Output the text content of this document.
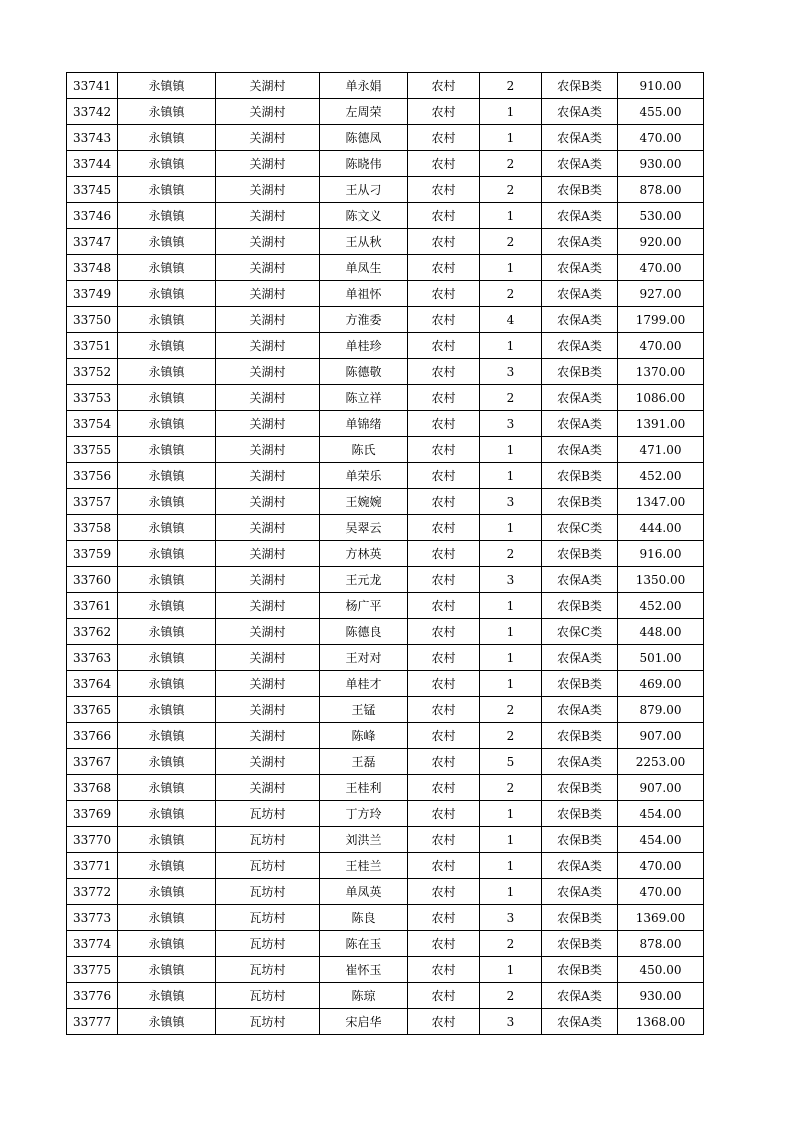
33741	永镇镇	关湖村	单永娟	农村	2	农保B类	910.00
33742	永镇镇	关湖村	左周荣	农村	1	农保A类	455.00
33743	永镇镇	关湖村	陈德凤	农村	1	农保A类	470.00
33744	永镇镇	关湖村	陈晓伟	农村	2	农保A类	930.00
33745	永镇镇	关湖村	王从刁	农村	2	农保B类	878.00
33746	永镇镇	关湖村	陈文义	农村	1	农保A类	530.00
33747	永镇镇	关湖村	王从秋	农村	2	农保A类	920.00
33748	永镇镇	关湖村	单凤生	农村	1	农保A类	470.00
33749	永镇镇	关湖村	单祖怀	农村	2	农保A类	927.00
33750	永镇镇	关湖村	方淮委	农村	4	农保A类	1799.00
33751	永镇镇	关湖村	单桂珍	农村	1	农保A类	470.00
33752	永镇镇	关湖村	陈德敬	农村	3	农保B类	1370.00
33753	永镇镇	关湖村	陈立祥	农村	2	农保A类	1086.00
33754	永镇镇	关湖村	单锦绪	农村	3	农保A类	1391.00
33755	永镇镇	关湖村	陈氏	农村	1	农保A类	471.00
33756	永镇镇	关湖村	单荣乐	农村	1	农保B类	452.00
33757	永镇镇	关湖村	王婉婉	农村	3	农保B类	1347.00
33758	永镇镇	关湖村	吴翠云	农村	1	农保C类	444.00
33759	永镇镇	关湖村	方林英	农村	2	农保B类	916.00
33760	永镇镇	关湖村	王元龙	农村	3	农保A类	1350.00
33761	永镇镇	关湖村	杨广平	农村	1	农保B类	452.00
33762	永镇镇	关湖村	陈德良	农村	1	农保C类	448.00
33763	永镇镇	关湖村	王对对	农村	1	农保A类	501.00
33764	永镇镇	关湖村	单桂才	农村	1	农保B类	469.00
33765	永镇镇	关湖村	王锰	农村	2	农保A类	879.00
33766	永镇镇	关湖村	陈峰	农村	2	农保B类	907.00
33767	永镇镇	关湖村	王磊	农村	5	农保A类	2253.00
33768	永镇镇	关湖村	王桂利	农村	2	农保B类	907.00
33769	永镇镇	瓦坊村	丁方玲	农村	1	农保B类	454.00
33770	永镇镇	瓦坊村	刘洪兰	农村	1	农保B类	454.00
33771	永镇镇	瓦坊村	王桂兰	农村	1	农保A类	470.00
33772	永镇镇	瓦坊村	单凤英	农村	1	农保A类	470.00
33773	永镇镇	瓦坊村	陈良	农村	3	农保B类	1369.00
33774	永镇镇	瓦坊村	陈在玉	农村	2	农保B类	878.00
33775	永镇镇	瓦坊村	崔怀玉	农村	1	农保B类	450.00
33776	永镇镇	瓦坊村	陈琼	农村	2	农保A类	930.00
33777	永镇镇	瓦坊村	宋启华	农村	3	农保A类	1368.00
